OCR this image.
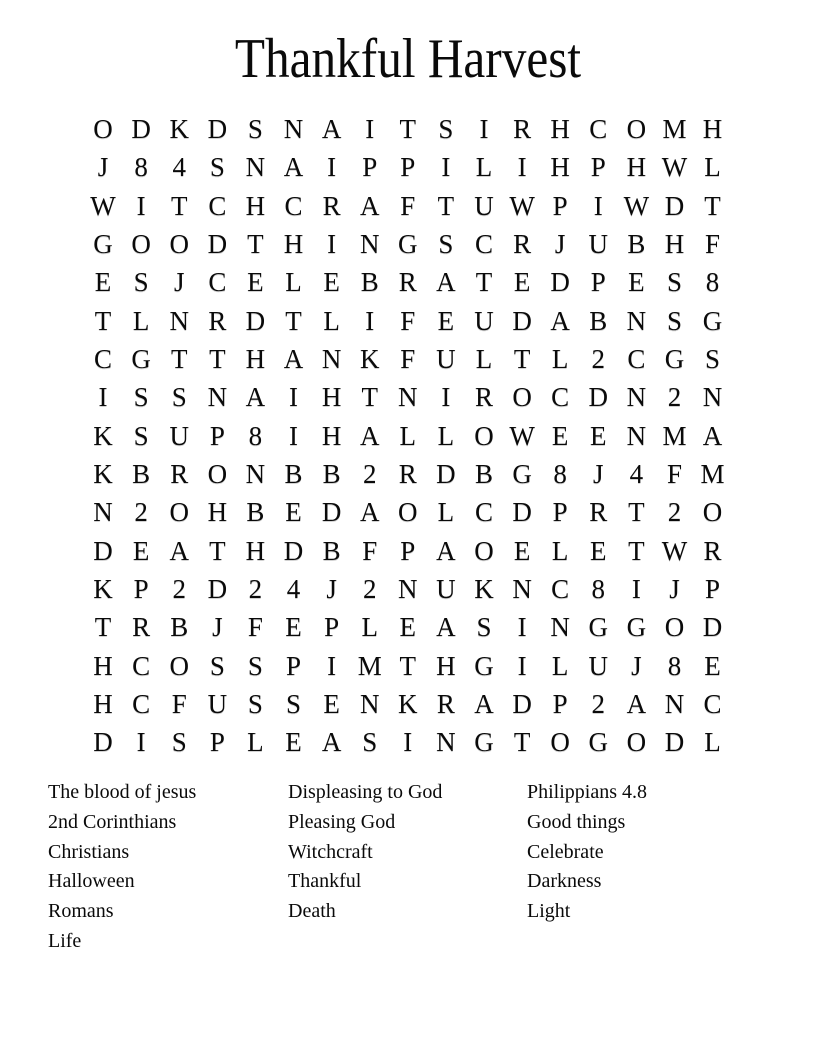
Thankful Harvest
O D K D S N A I T S I R H C O M H
J 8 4 S N A I P P I L I H P H W L
W I T C H C R A F T U W P I W D T
G O O D T H I N G S C R J U B H F
E S J C E L E B R A T E D P E S 8
T L N R D T L I F E U D A B N S G
C G T T H A N K F U L T L 2 C G S
I S S N A I H T N I R O C D N 2 N
K S U P 8 I H A L L O W E E N M A
K B R O N B B 2 R D B G 8 J 4 F M
N 2 O H B E D A O L C D P R T 2 O
D E A T H D B F P A O E L E T W R
K P 2 D 2 4 J 2 N U K N C 8 I	J P
T R B J F E P L E A S I N G G O D
H C O S S P I M T H G I L U J 8 E
H C F U S S E N K R A D P 2 A N C
D I S P L E A S I N G T O G O D L
The blood of jesus
2nd Corinthians
Christians
Halloween
Romans
Life
Displeasing to God
Pleasing God
Witchcraft
Thankful
Death
Philippians 4.8
Good things
Celebrate
Darkness
Light
